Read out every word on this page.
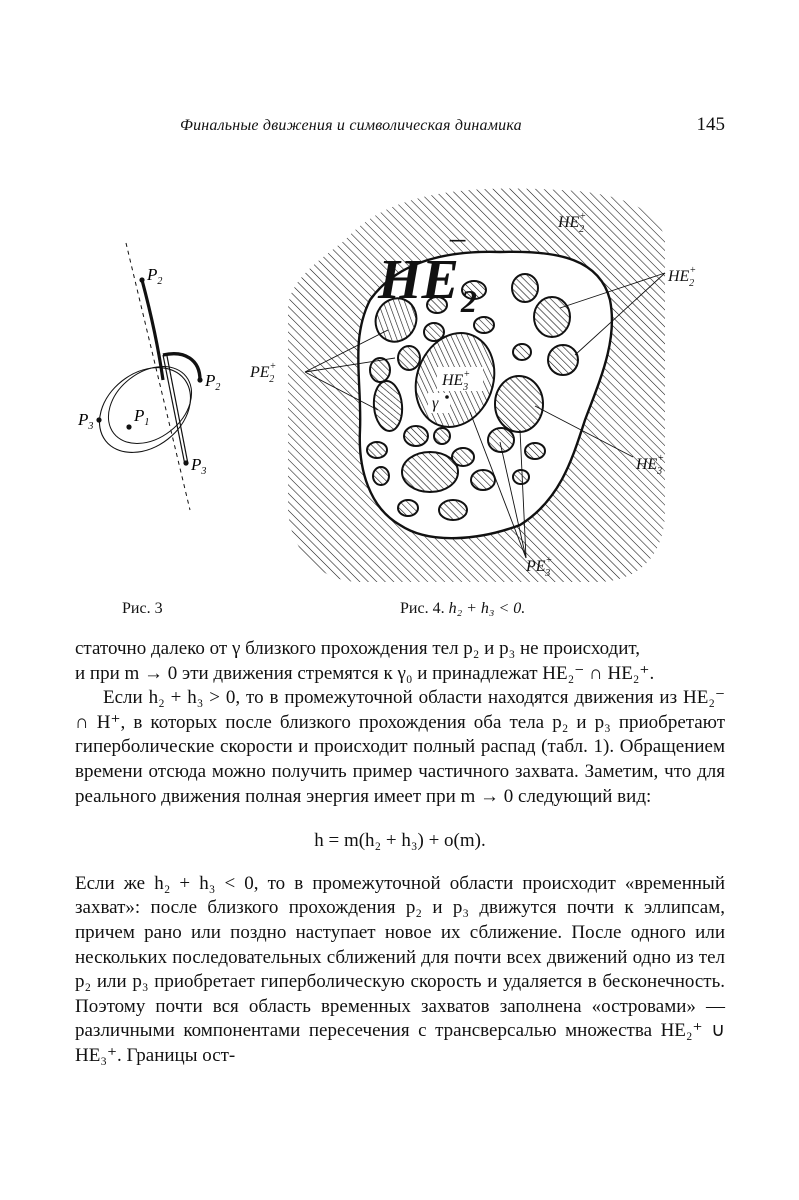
Финальные движения и символическая динамика	145
$P_2$
$P_2$
$P_1$
$P_3$
$P_3$
$HE_2$
−
HE+ 2
HE+ 2
PE+ 2	HE+ 3
γ
HE+ 3
PE+ 3
Рис. 3	Рис. 4. h₂ + h₃ < 0.

статочно далеко от γ близкого прохождения тел p₂ и p₃ не происходит,

и при m → 0 эти движения стремятся к γ₀ и принадлежат HE₂⁻ ∩ HE₂⁺.

Если h₂ + h₃ > 0, то в промежуточной области находятся движения из HE₂⁻ ∩ H⁺, в которых после близкого прохождения оба тела p₂ и p₃ приобретают гиперболические скорости и происходит полный распад (табл. 1). Обращением времени отсюда можно получить пример частичного захвата. Заметим, что для реального движения полная энергия имеет при m → 0 следующий вид:

h = m(h₂ + h₃) + o(m).

Если же h₂ + h₃ < 0, то в промежуточной области происходит «временный захват»: после близкого прохождения p₂ и p₃ движутся почти к эллипсам, причем рано или поздно наступает новое их сближение. После одного или нескольких последовательных сближений для почти всех движений одно из тел p₂ или p₃ приобретает гиперболическую скорость и удаляется в бесконечность. Поэтому почти вся область временных захватов заполнена «островами» — различными компонентами пересечения с трансверсалью множества HE₂⁺ ∪ HE₃⁺. Границы ост-
